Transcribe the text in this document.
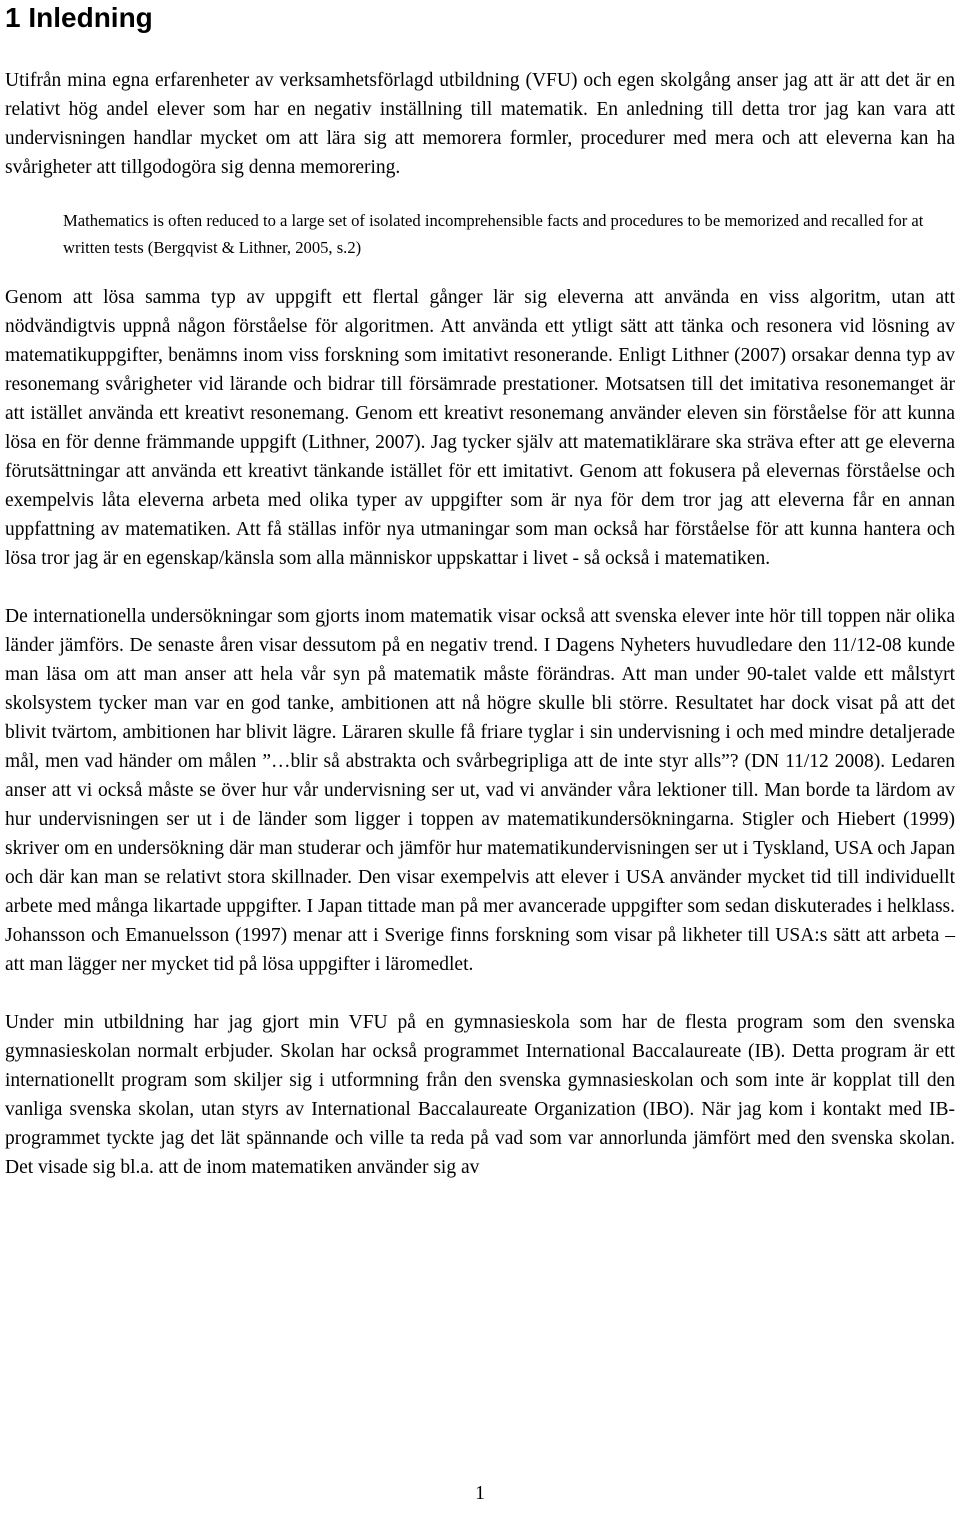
1 Inledning

Utifrån mina egna erfarenheter av verksamhetsförlagd utbildning (VFU) och egen skolgång anser jag att är att det är en relativt hög andel elever som har en negativ inställning till matematik. En anledning till detta tror jag kan vara att undervisningen handlar mycket om att lära sig att memorera formler, procedurer med mera och att eleverna kan ha svårigheter att tillgodogöra sig denna memorering.

Mathematics is often reduced to a large set of isolated incomprehensible facts and procedures to be memorized and recalled for at written tests (Bergqvist & Lithner, 2005, s.2)

Genom att lösa samma typ av uppgift ett flertal gånger lär sig eleverna att använda en viss algoritm, utan att nödvändigtvis uppnå någon förståelse för algoritmen. Att använda ett ytligt sätt att tänka och resonera vid lösning av matematikuppgifter, benämns inom viss forskning som imitativt resonerande. Enligt Lithner (2007) orsakar denna typ av resonemang svårigheter vid lärande och bidrar till försämrade prestationer. Motsatsen till det imitativa resonemanget är att istället använda ett kreativt resonemang. Genom ett kreativt resonemang använder eleven sin förståelse för att kunna lösa en för denne främmande uppgift (Lithner, 2007). Jag tycker själv att matematiklärare ska sträva efter att ge eleverna förutsättningar att använda ett kreativt tänkande istället för ett imitativt. Genom att fokusera på elevernas förståelse och exempelvis låta eleverna arbeta med olika typer av uppgifter som är nya för dem tror jag att eleverna får en annan uppfattning av matematiken. Att få ställas inför nya utmaningar som man också har förståelse för att kunna hantera och lösa tror jag är en egenskap/känsla som alla människor uppskattar i livet - så också i matematiken.

De internationella undersökningar som gjorts inom matematik visar också att svenska elever inte hör till toppen när olika länder jämförs. De senaste åren visar dessutom på en negativ trend. I Dagens Nyheters huvudledare den 11/12-08 kunde man läsa om att man anser att hela vår syn på matematik måste förändras. Att man under 90-talet valde ett målstyrt skolsystem tycker man var en god tanke, ambitionen att nå högre skulle bli större. Resultatet har dock visat på att det blivit tvärtom, ambitionen har blivit lägre. Läraren skulle få friare tyglar i sin undervisning i och med mindre detaljerade mål, men vad händer om målen ”…blir så abstrakta och svårbegripliga att de inte styr alls”? (DN 11/12 2008). Ledaren anser att vi också måste se över hur vår undervisning ser ut, vad vi använder våra lektioner till. Man borde ta lärdom av hur undervisningen ser ut i de länder som ligger i toppen av matematikundersökningarna. Stigler och Hiebert (1999) skriver om en undersökning där man studerar och jämför hur matematikundervisningen ser ut i Tyskland, USA och Japan och där kan man se relativt stora skillnader. Den visar exempelvis att elever i USA använder mycket tid till individuellt arbete med många likartade uppgifter. I Japan tittade man på mer avancerade uppgifter som sedan diskuterades i helklass. Johansson och Emanuelsson (1997) menar att i Sverige finns forskning som visar på likheter till USA:s sätt att arbeta – att man lägger ner mycket tid på lösa uppgifter i läromedlet.

Under min utbildning har jag gjort min VFU på en gymnasieskola som har de flesta program som den svenska gymnasieskolan normalt erbjuder. Skolan har också programmet International Baccalaureate (IB). Detta program är ett internationellt program som skiljer sig i utformning från den svenska gymnasieskolan och som inte är kopplat till den vanliga svenska skolan, utan styrs av International Baccalaureate Organization (IBO). När jag kom i kontakt med IB-programmet tyckte jag det lät spännande och ville ta reda på vad som var annorlunda jämfört med den svenska skolan. Det visade sig bl.a. att de inom matematiken använder sig av

1
